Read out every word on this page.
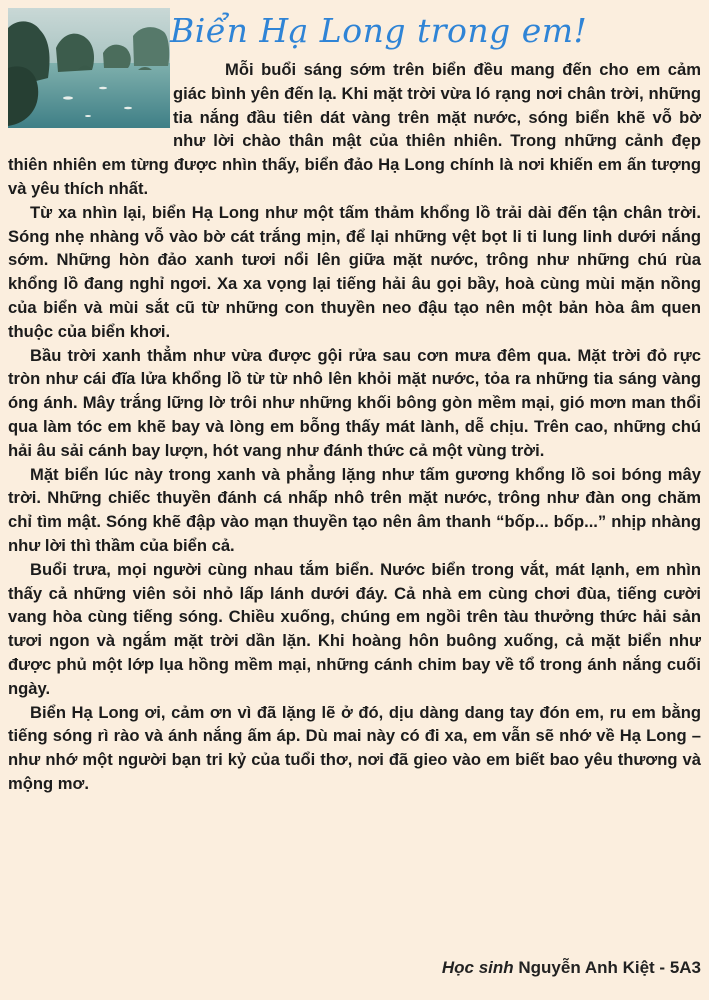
Biển Hạ Long trong em!

Mỗi buổi sáng sớm trên biển đều mang đến cho em cảm giác bình yên đến lạ. Khi mặt trời vừa ló rạng nơi chân trời, những tia nắng đầu tiên dát vàng trên mặt nước, sóng biển khẽ vỗ bờ như lời chào thân mật của thiên nhiên. Trong những cảnh đẹp thiên nhiên em từng được nhìn thấy, biển đảo Hạ Long chính là nơi khiến em ấn tượng và yêu thích nhất.

Từ xa nhìn lại, biển Hạ Long như một tấm thảm khổng lồ trải dài đến tận chân trời. Sóng nhẹ nhàng vỗ vào bờ cát trắng mịn, để lại những vệt bọt li ti lung linh dưới nắng sớm. Những hòn đảo xanh tươi nổi lên giữa mặt nước, trông như những chú rùa khổng lồ đang nghỉ ngơi. Xa xa vọng lại tiếng hải âu gọi bầy, hoà cùng mùi mặn nồng của biển và mùi sắt cũ từ những con thuyền neo đậu tạo nên một bản hòa âm quen thuộc của biển khơi.

Bầu trời xanh thẳm như vừa được gội rửa sau cơn mưa đêm qua. Mặt trời đỏ rực tròn như cái đĩa lửa khổng lồ từ từ nhô lên khỏi mặt nước, tỏa ra những tia sáng vàng óng ánh. Mây trắng lững lờ trôi như những khối bông gòn mềm mại, gió mơn man thổi qua làm tóc em khẽ bay và lòng em bỗng thấy mát lành, dễ chịu. Trên cao, những chú hải âu sải cánh bay lượn, hót vang như đánh thức cả một vùng trời.

Mặt biển lúc này trong xanh và phẳng lặng như tấm gương khổng lồ soi bóng mây trời. Những chiếc thuyền đánh cá nhấp nhô trên mặt nước, trông như đàn ong chăm chỉ tìm mật. Sóng khẽ đập vào mạn thuyền tạo nên âm thanh “bốp... bốp...” nhịp nhàng như lời thì thầm của biển cả.

Buổi trưa, mọi người cùng nhau tắm biển. Nước biển trong vắt, mát lạnh, em nhìn thấy cả những viên sỏi nhỏ lấp lánh dưới đáy. Cả nhà em cùng chơi đùa, tiếng cười vang hòa cùng tiếng sóng. Chiều xuống, chúng em ngồi trên tàu thưởng thức hải sản tươi ngon và ngắm mặt trời dần lặn. Khi hoàng hôn buông xuống, cả mặt biển như được phủ một lớp lụa hồng mềm mại, những cánh chim bay về tổ trong ánh nắng cuối ngày.

Biển Hạ Long ơi, cảm ơn vì đã lặng lẽ ở đó, dịu dàng dang tay đón em, ru em bằng tiếng sóng rì rào và ánh nắng ấm áp. Dù mai này có đi xa, em vẫn sẽ nhớ về Hạ Long – như nhớ một người bạn tri kỷ của tuổi thơ, nơi đã gieo vào em biết bao yêu thương và mộng mơ.

Học sinh Nguyễn Anh Kiệt - 5A3
